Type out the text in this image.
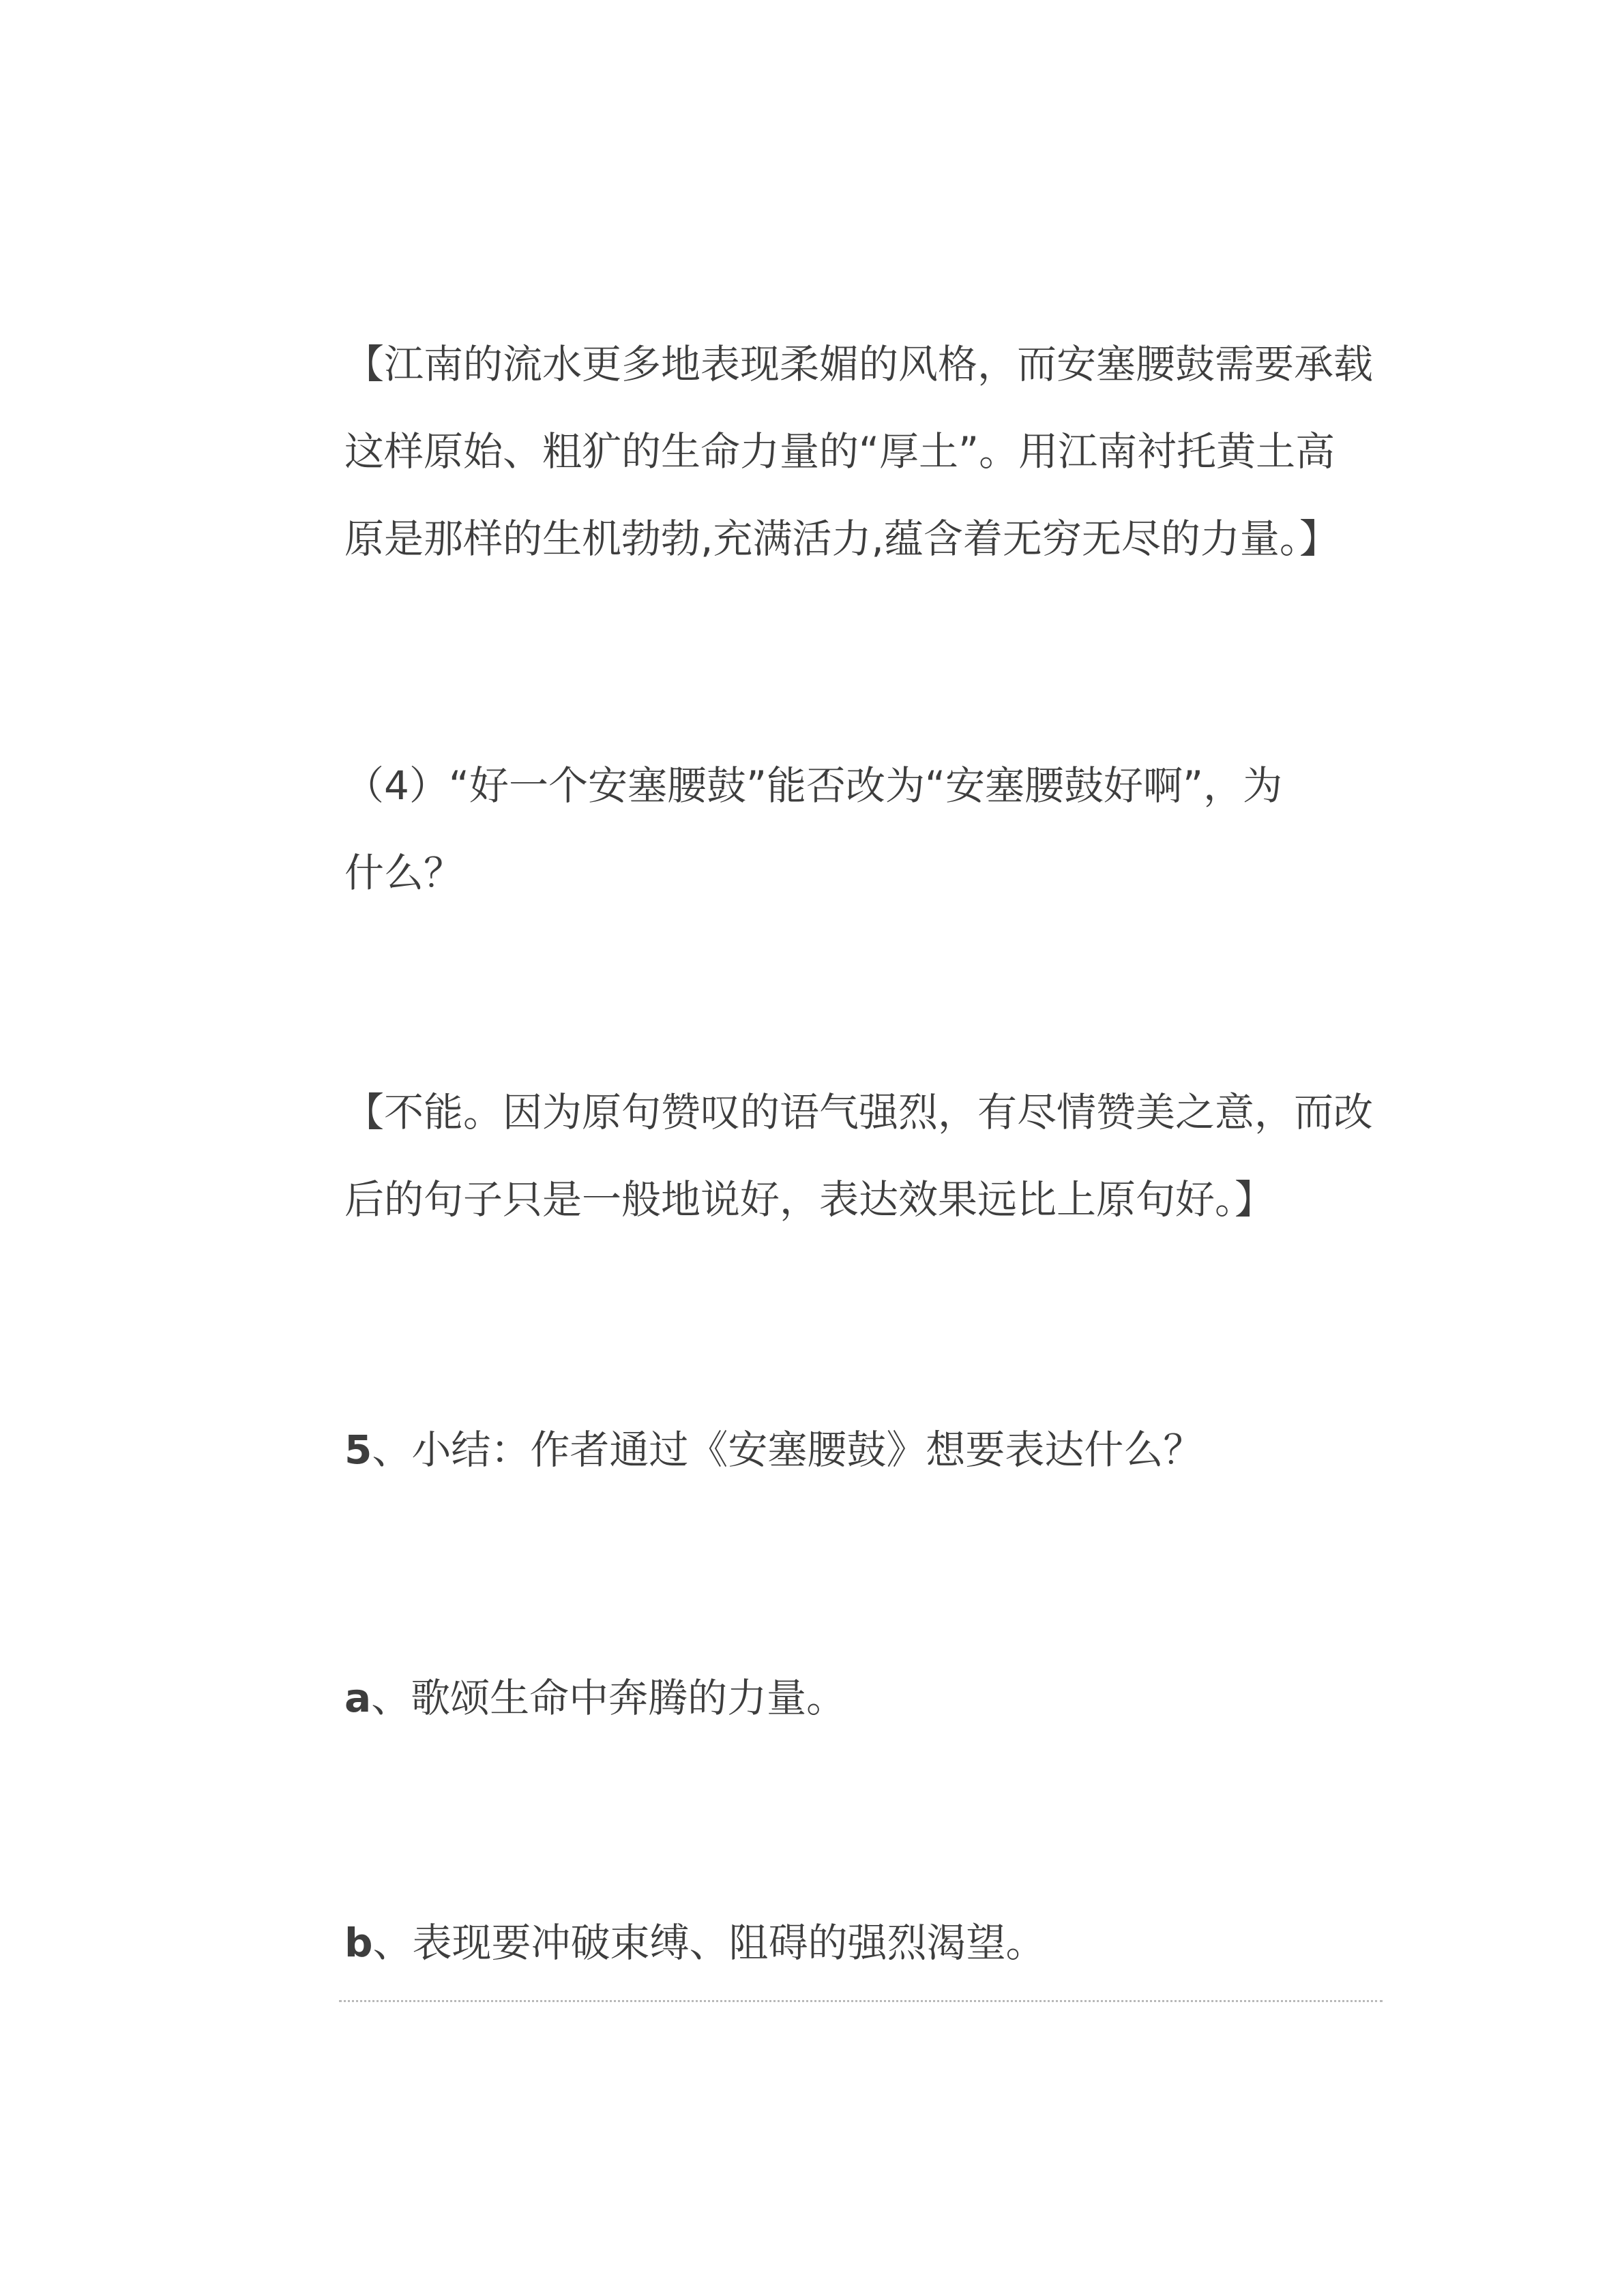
【江南的流水更多地表现柔媚的风格，而安塞腰鼓需要承载
这样原始、粗犷的生命力量的“厚土”。用江南衬托黄土高
原是那样的生机勃勃,充满活力,蕴含着无穷无尽的力量。】

（4）“好一个安塞腰鼓”能否改为“安塞腰鼓好啊”，为
什么？

【不能。因为原句赞叹的语气强烈，有尽情赞美之意，而改
后的句子只是一般地说好，表达效果远比上原句好。】

5、小结：作者通过《安塞腰鼓》想要表达什么？

a、歌颂生命中奔腾的力量。

b、表现要冲破束缚、阻碍的强烈渴望。
